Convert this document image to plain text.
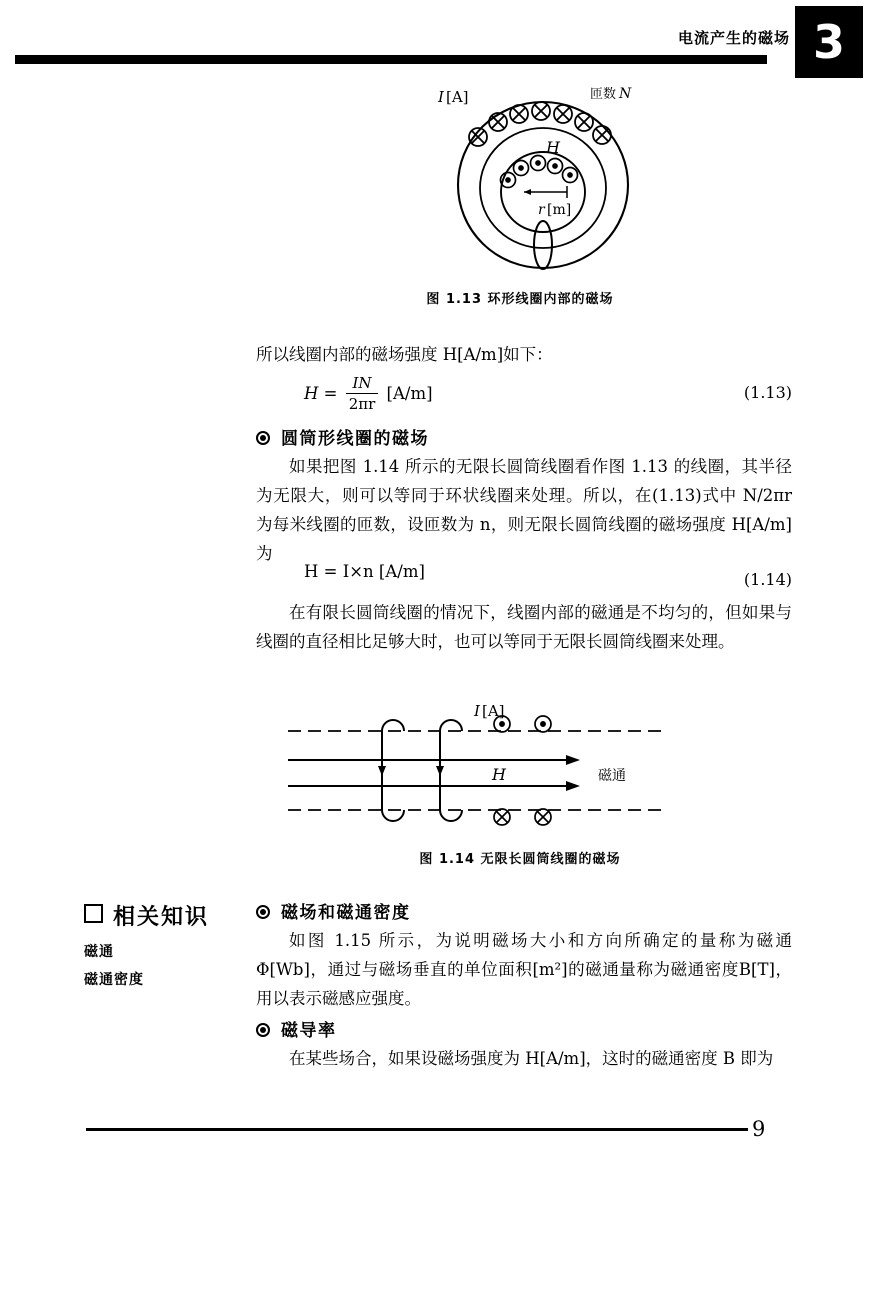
电流产生的磁场 3
I [A]	匝数 N
H
r [m]
图 1.13 环形线圈内部的磁场
所以线圈内部的磁场强度 H[A/m]如下：
$H = \frac{IN}{2\pi r} [A/m]$	(1.13)
圆筒形线圈的磁场

如果把图 1.14 所示的无限长圆筒线圈看作图 1.13 的线圈，其半径为无限大，则可以等同于环状线圈来处理。所以，在(1.13)式中 N/2πr 为每米线圈的匝数，设匝数为 n，则无限长圆筒线圈的磁场强度 H[A/m]为

H = I×n [A/m]	(1.14)

在有限长圆筒线圈的情况下，线圈内部的磁通是不均匀的，但如果与线圈的直径相比足够大时，也可以等同于无限长圆筒线圈来处理。

I [A]
H	磁通
图 1.14 无限长圆筒线圈的磁场
相关知识
磁通
磁通密度
磁场和磁通密度

如图 1.15 所示，为说明磁场大小和方向所确定的量称为磁通Φ[Wb]，通过与磁场垂直的单位面积[m²]的磁通量称为磁通密度B[T]，用以表示磁感应强度。

磁导率

在某些场合，如果设磁场强度为 H[A/m]，这时的磁通密度 B 即为

9
